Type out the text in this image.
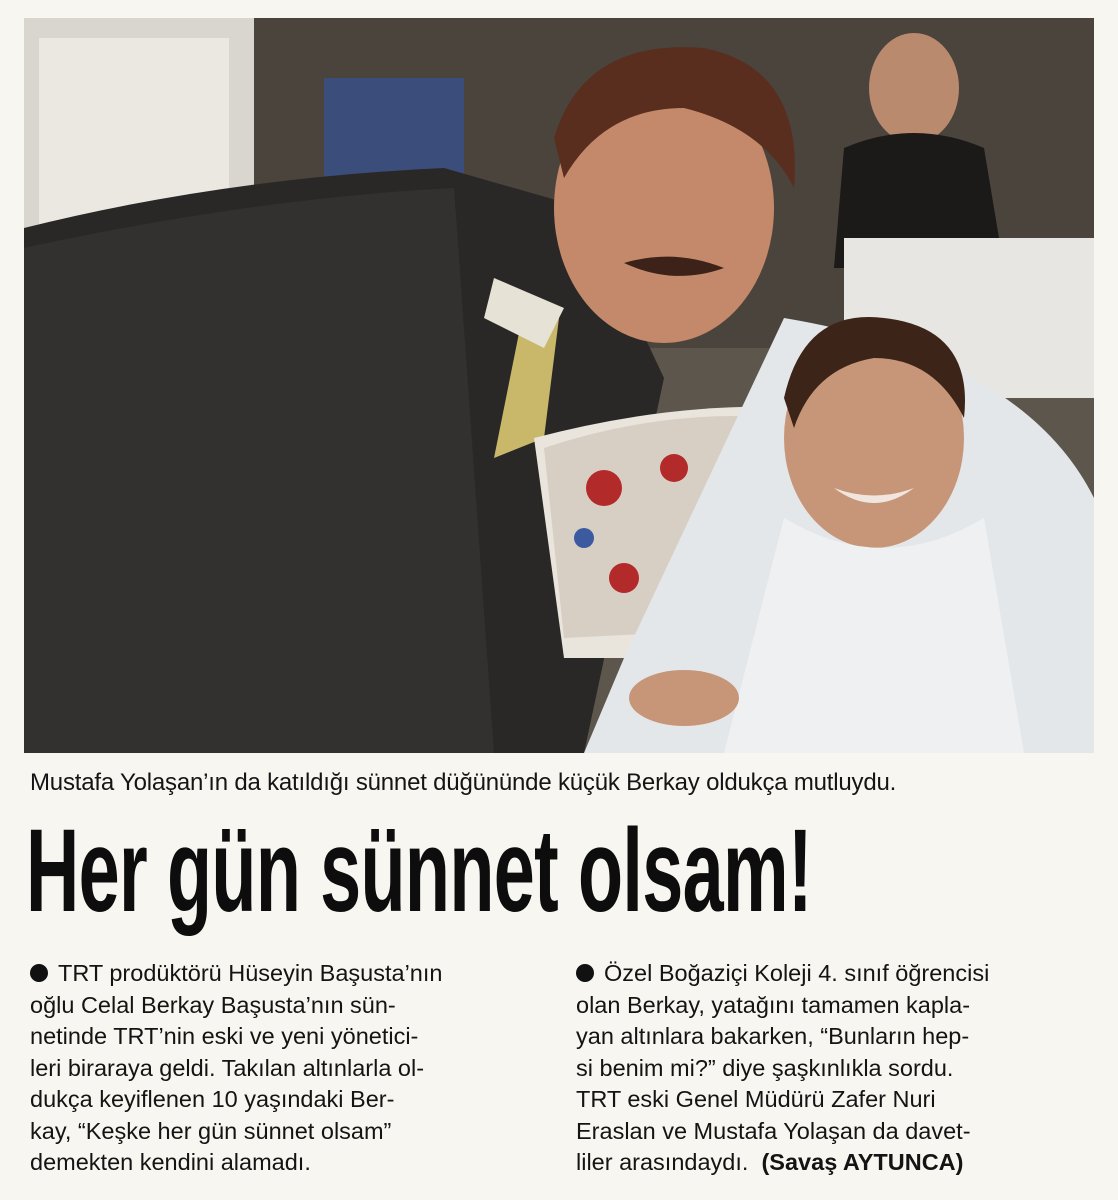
Mustafa Yolaşan’ın da katıldığı sünnet düğününde küçük Berkay oldukça mutluydu.
Her gün sünnet olsam!
TRT prodüktörü Hüseyin Başusta’nın
oğlu Celal Berkay Başusta’nın sün-
netinde TRT’nin eski ve yeni yönetici-
leri biraraya geldi. Takılan altınlarla ol-
dukça keyiflenen 10 yaşındaki Ber-
kay, “Keşke her gün sünnet olsam”
demekten kendini alamadı.
Özel Boğaziçi Koleji 4. sınıf öğrencisi
olan Berkay, yatağını tamamen kapla-
yan altınlara bakarken, “Bunların hep-
si benim mi?” diye şaşkınlıkla sordu.
TRT eski Genel Müdürü Zafer Nuri
Eraslan ve Mustafa Yolaşan da davet-
liler arasındaydı. (Savaş AYTUNCA)
